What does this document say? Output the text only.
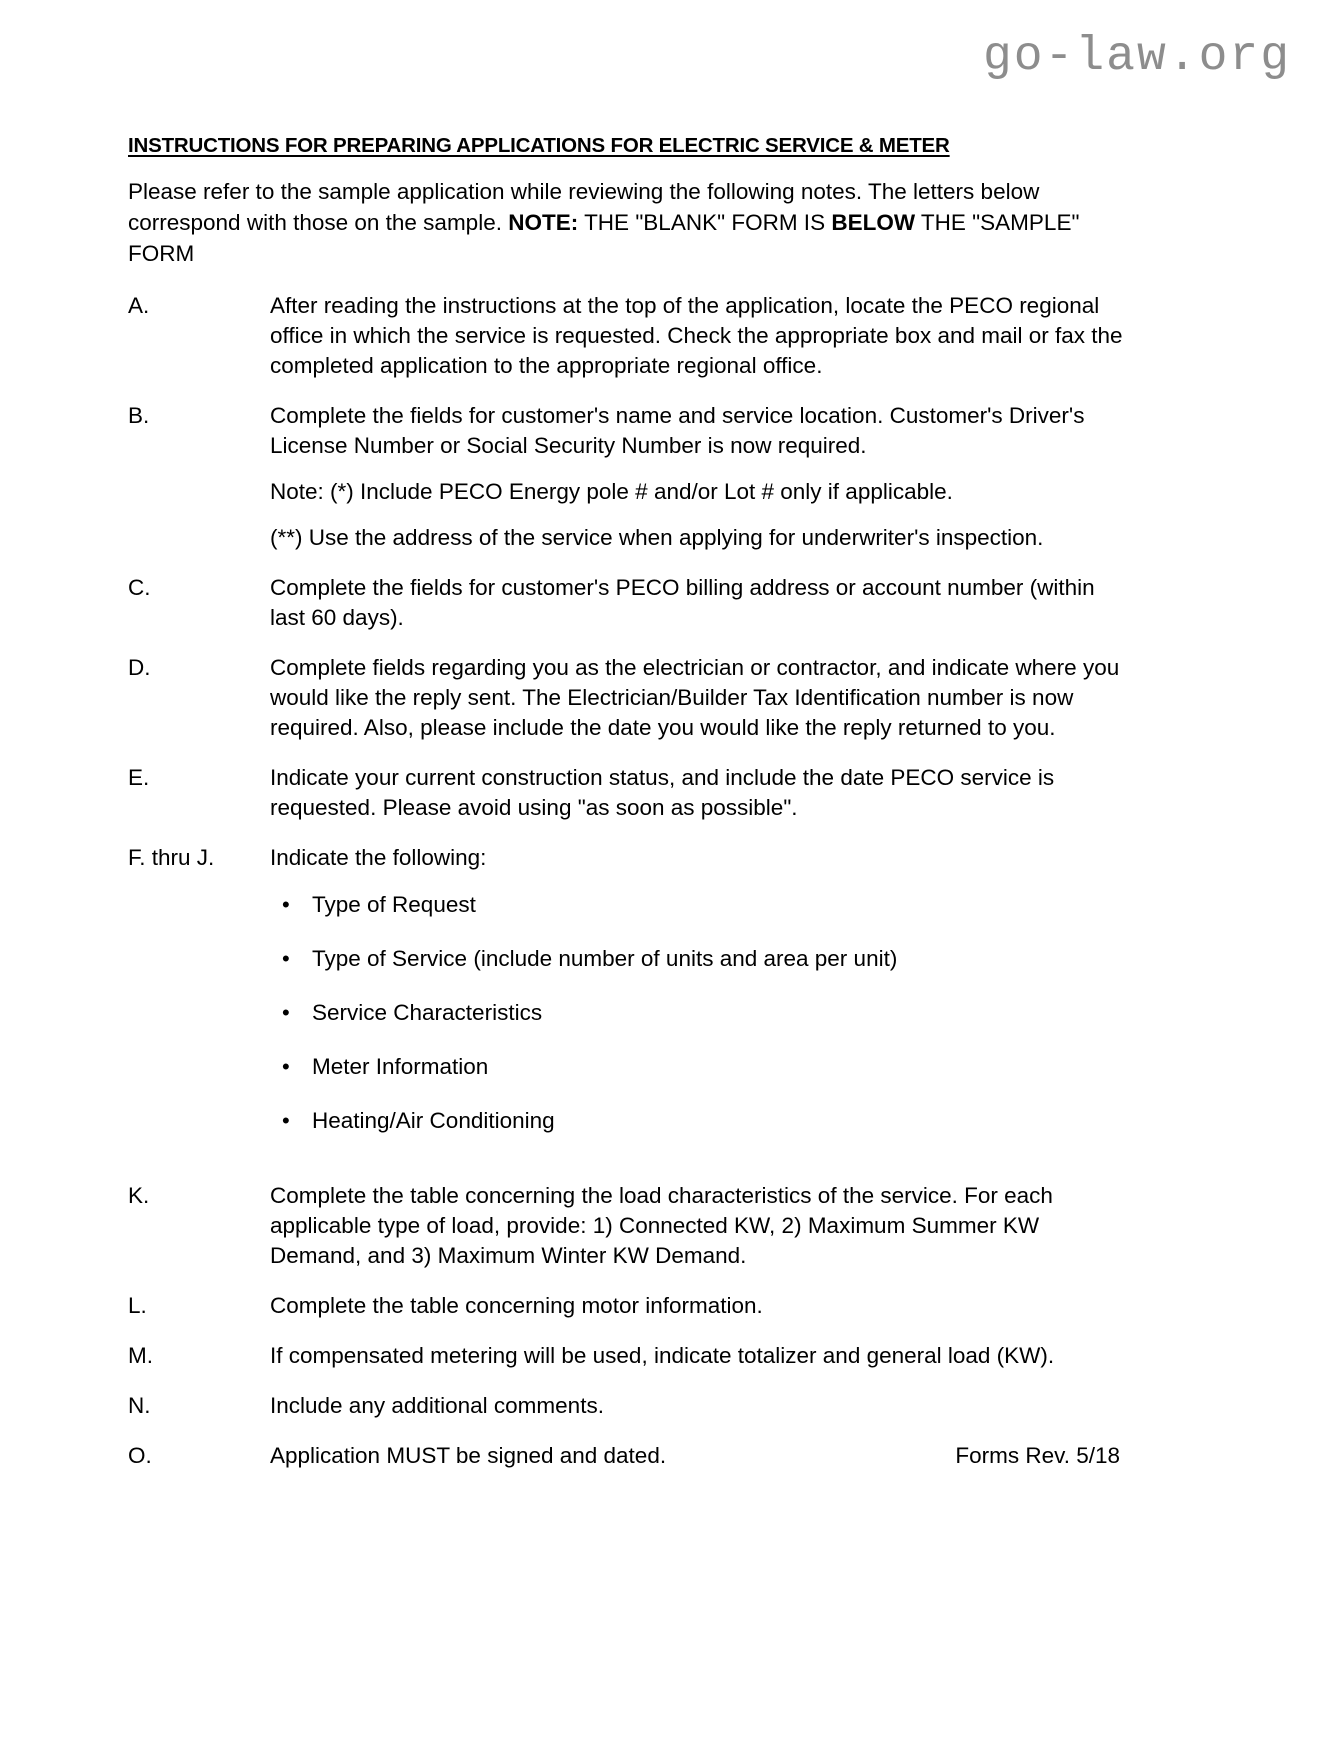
go-law.org
INSTRUCTIONS FOR PREPARING APPLICATIONS FOR ELECTRIC SERVICE & METER

Please refer to the sample application while reviewing the following notes. The letters below correspond with those on the sample. NOTE: THE "BLANK" FORM IS BELOW THE "SAMPLE" FORM

A.	After reading the instructions at the top of the application, locate the PECO regional office in which the service is requested. Check the appropriate box and mail or fax the completed application to the appropriate regional office.

B.	Complete the fields for customer's name and service location. Customer's Driver's License Number or Social Security Number is now required.

Note: (*) Include PECO Energy pole # and/or Lot # only if applicable.

(**) Use the address of the service when applying for underwriter's inspection.

C.	Complete the fields for customer's PECO billing address or account number (within last 60 days).

D.	Complete fields regarding you as the electrician or contractor, and indicate where you would like the reply sent. The Electrician/Builder Tax Identification number is now required. Also, please include the date you would like the reply returned to you.

E.	Indicate your current construction status, and include the date PECO service is requested. Please avoid using "as soon as possible".

F. thru J.	Indicate the following:

• Type of Request
• Type of Service (include number of units and area per unit)
• Service Characteristics
• Meter Information
• Heating/Air Conditioning
K.	Complete the table concerning the load characteristics of the service. For each applicable type of load, provide: 1) Connected KW, 2) Maximum Summer KW Demand, and 3) Maximum Winter KW Demand.

L.	Complete the table concerning motor information.

M.	If compensated metering will be used, indicate totalizer and general load (KW).

N.	Include any additional comments.

O.	Application MUST be signed and dated.	Forms Rev. 5/18
